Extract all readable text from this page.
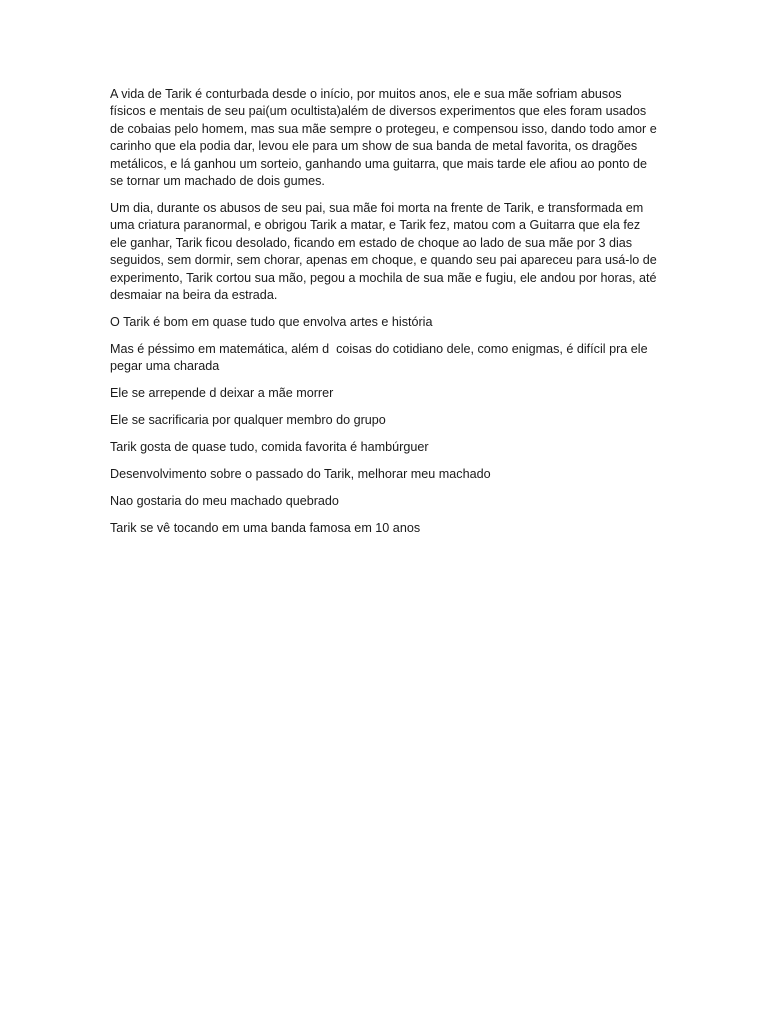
A vida de Tarik é conturbada desde o início, por muitos anos, ele e sua mãe sofriam abusos físicos e mentais de seu pai(um ocultista)além de diversos experimentos que eles foram usados de cobaias pelo homem, mas sua mãe sempre o protegeu, e compensou isso, dando todo amor e carinho que ela podia dar, levou ele para um show de sua banda de metal favorita, os dragões metálicos, e lá ganhou um sorteio, ganhando uma guitarra, que mais tarde ele afiou ao ponto de se tornar um machado de dois gumes.

Um dia, durante os abusos de seu pai, sua mãe foi morta na frente de Tarik, e transformada em uma criatura paranormal, e obrigou Tarik a matar, e Tarik fez, matou com a Guitarra que ela fez ele ganhar, Tarik ficou desolado, ficando em estado de choque ao lado de sua mãe por 3 dias seguidos, sem dormir, sem chorar, apenas em choque, e quando seu pai apareceu para usá-lo de experimento, Tarik cortou sua mão, pegou a mochila de sua mãe e fugiu, ele andou por horas, até desmaiar na beira da estrada.

O Tarik é bom em quase tudo que envolva artes e história

Mas é péssimo em matemática, além d  coisas do cotidiano dele, como enigmas, é difícil pra ele pegar uma charada

Ele se arrepende d deixar a mãe morrer

Ele se sacrificaria por qualquer membro do grupo

Tarik gosta de quase tudo, comida favorita é hambúrguer

Desenvolvimento sobre o passado do Tarik, melhorar meu machado

Nao gostaria do meu machado quebrado

Tarik se vê tocando em uma banda famosa em 10 anos
